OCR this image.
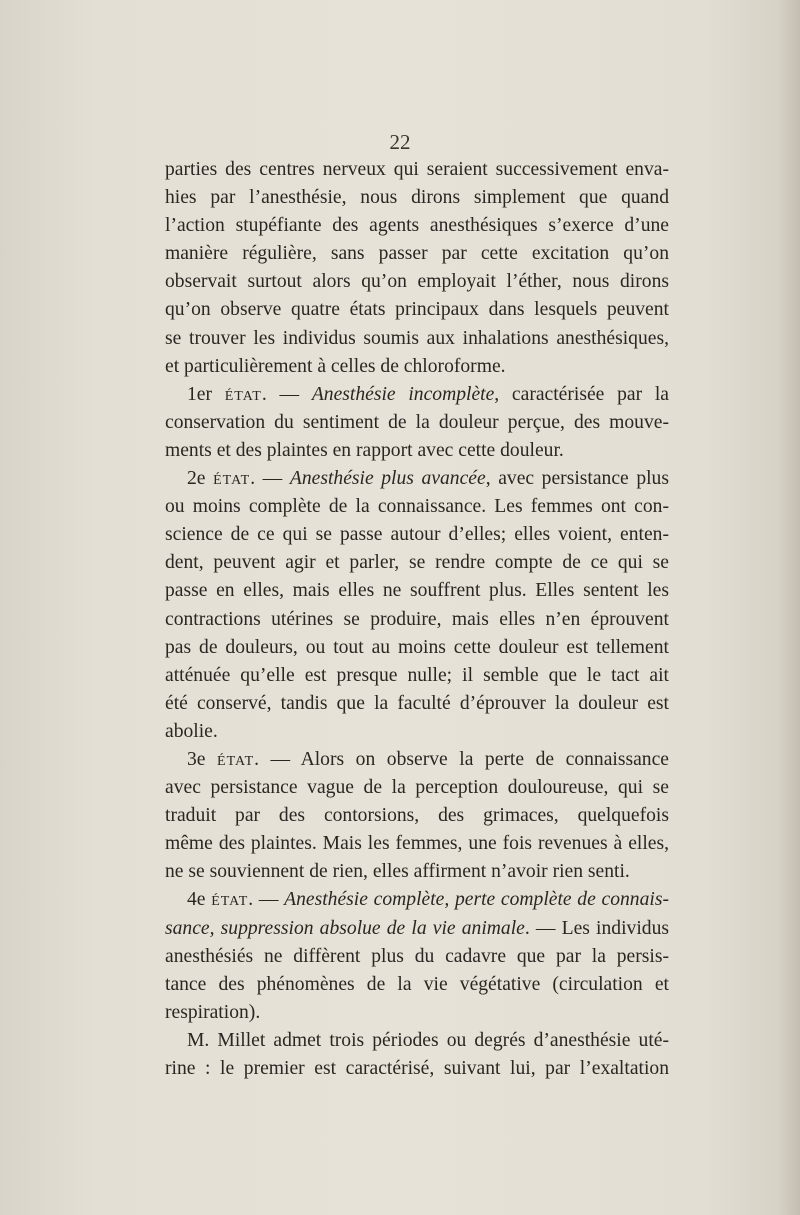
22
parties des centres nerveux qui seraient successivement enva-
hies par l’anesthésie, nous dirons simplement que quand
l’action stupéfiante des agents anesthésiques s’exerce d’une
manière régulière, sans passer par cette excitation qu’on
observait surtout alors qu’on employait l’éther, nous dirons
qu’on observe quatre états principaux dans lesquels peuvent
se trouver les individus soumis aux inhalations anesthésiques,
et particulièrement à celles de chloroforme.
1er état. — Anesthésie incomplète, caractérisée par la
conservation du sentiment de la douleur perçue, des mouve-
ments et des plaintes en rapport avec cette douleur.
2e état. — Anesthésie plus avancée, avec persistance plus
ou moins complète de la connaissance. Les femmes ont con-
science de ce qui se passe autour d’elles; elles voient, enten-
dent, peuvent agir et parler, se rendre compte de ce qui se
passe en elles, mais elles ne souffrent plus. Elles sentent les
contractions utérines se produire, mais elles n’en éprouvent
pas de douleurs, ou tout au moins cette douleur est tellement
atténuée qu’elle est presque nulle; il semble que le tact ait
été conservé, tandis que la faculté d’éprouver la douleur est
abolie.
3e état. — Alors on observe la perte de connaissance
avec persistance vague de la perception douloureuse, qui se
traduit par des contorsions, des grimaces, quelquefois
même des plaintes. Mais les femmes, une fois revenues à elles,
ne se souviennent de rien, elles affirment n’avoir rien senti.
4e état. — Anesthésie complète, perte complète de connais-
sance, suppression absolue de la vie animale. — Les individus
anesthésiés ne diffèrent plus du cadavre que par la persis-
tance des phénomènes de la vie végétative (circulation et
respiration).
M. Millet admet trois périodes ou degrés d’anesthésie uté-
rine : le premier est caractérisé, suivant lui, par l’exaltation
